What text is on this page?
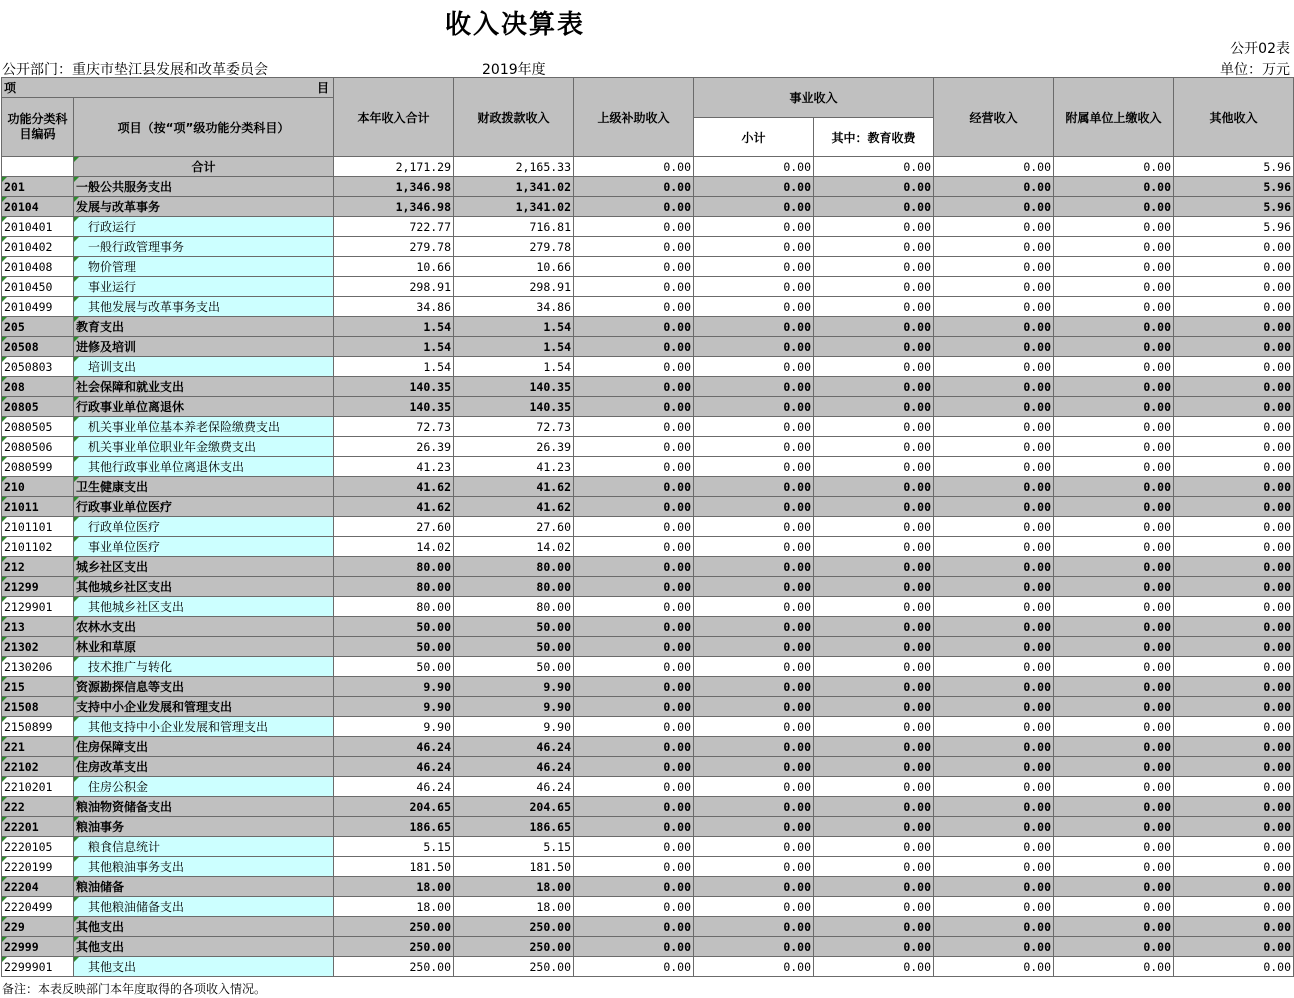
收入决算表
公开02表
公开部门：重庆市垫江县发展和改革委员会	2019年度	单位：万元
项 目		本年收入合计	财政拨款收入	上级补助收入	事业收入		经营收入	附属单位上缴收入	其他收入
功能分类科目编码	项目（按“项”级功能分类科目）								
					小计	其中：教育收费			
	合计	2,171.29	2,165.33	0.00	0.00	0.00	0.00	0.00	5.96
201	一般公共服务支出	1,346.98	1,341.02	0.00	0.00	0.00	0.00	0.00	5.96
20104	发展与改革事务	1,346.98	1,341.02	0.00	0.00	0.00	0.00	0.00	5.96
2010401	行政运行	722.77	716.81	0.00	0.00	0.00	0.00	0.00	5.96
2010402	一般行政管理事务	279.78	279.78	0.00	0.00	0.00	0.00	0.00	0.00
2010408	物价管理	10.66	10.66	0.00	0.00	0.00	0.00	0.00	0.00
2010450	事业运行	298.91	298.91	0.00	0.00	0.00	0.00	0.00	0.00
2010499	其他发展与改革事务支出	34.86	34.86	0.00	0.00	0.00	0.00	0.00	0.00
205	教育支出	1.54	1.54	0.00	0.00	0.00	0.00	0.00	0.00
20508	进修及培训	1.54	1.54	0.00	0.00	0.00	0.00	0.00	0.00
2050803	培训支出	1.54	1.54	0.00	0.00	0.00	0.00	0.00	0.00
208	社会保障和就业支出	140.35	140.35	0.00	0.00	0.00	0.00	0.00	0.00
20805	行政事业单位离退休	140.35	140.35	0.00	0.00	0.00	0.00	0.00	0.00
2080505	机关事业单位基本养老保险缴费支出	72.73	72.73	0.00	0.00	0.00	0.00	0.00	0.00
2080506	机关事业单位职业年金缴费支出	26.39	26.39	0.00	0.00	0.00	0.00	0.00	0.00
2080599	其他行政事业单位离退休支出	41.23	41.23	0.00	0.00	0.00	0.00	0.00	0.00
210	卫生健康支出	41.62	41.62	0.00	0.00	0.00	0.00	0.00	0.00
21011	行政事业单位医疗	41.62	41.62	0.00	0.00	0.00	0.00	0.00	0.00
2101101	行政单位医疗	27.60	27.60	0.00	0.00	0.00	0.00	0.00	0.00
2101102	事业单位医疗	14.02	14.02	0.00	0.00	0.00	0.00	0.00	0.00
212	城乡社区支出	80.00	80.00	0.00	0.00	0.00	0.00	0.00	0.00
21299	其他城乡社区支出	80.00	80.00	0.00	0.00	0.00	0.00	0.00	0.00
2129901	其他城乡社区支出	80.00	80.00	0.00	0.00	0.00	0.00	0.00	0.00
213	农林水支出	50.00	50.00	0.00	0.00	0.00	0.00	0.00	0.00
21302	林业和草原	50.00	50.00	0.00	0.00	0.00	0.00	0.00	0.00
2130206	技术推广与转化	50.00	50.00	0.00	0.00	0.00	0.00	0.00	0.00
215	资源勘探信息等支出	9.90	9.90	0.00	0.00	0.00	0.00	0.00	0.00
21508	支持中小企业发展和管理支出	9.90	9.90	0.00	0.00	0.00	0.00	0.00	0.00
2150899	其他支持中小企业发展和管理支出	9.90	9.90	0.00	0.00	0.00	0.00	0.00	0.00
221	住房保障支出	46.24	46.24	0.00	0.00	0.00	0.00	0.00	0.00
22102	住房改革支出	46.24	46.24	0.00	0.00	0.00	0.00	0.00	0.00
2210201	住房公积金	46.24	46.24	0.00	0.00	0.00	0.00	0.00	0.00
222	粮油物资储备支出	204.65	204.65	0.00	0.00	0.00	0.00	0.00	0.00
22201	粮油事务	186.65	186.65	0.00	0.00	0.00	0.00	0.00	0.00
2220105	粮食信息统计	5.15	5.15	0.00	0.00	0.00	0.00	0.00	0.00
2220199	其他粮油事务支出	181.50	181.50	0.00	0.00	0.00	0.00	0.00	0.00
22204	粮油储备	18.00	18.00	0.00	0.00	0.00	0.00	0.00	0.00
2220499	其他粮油储备支出	18.00	18.00	0.00	0.00	0.00	0.00	0.00	0.00
229	其他支出	250.00	250.00	0.00	0.00	0.00	0.00	0.00	0.00
22999	其他支出	250.00	250.00	0.00	0.00	0.00	0.00	0.00	0.00
2299901	其他支出	250.00	250.00	0.00	0.00	0.00	0.00	0.00	0.00
备注：本表反映部门本年度取得的各项收入情况。
